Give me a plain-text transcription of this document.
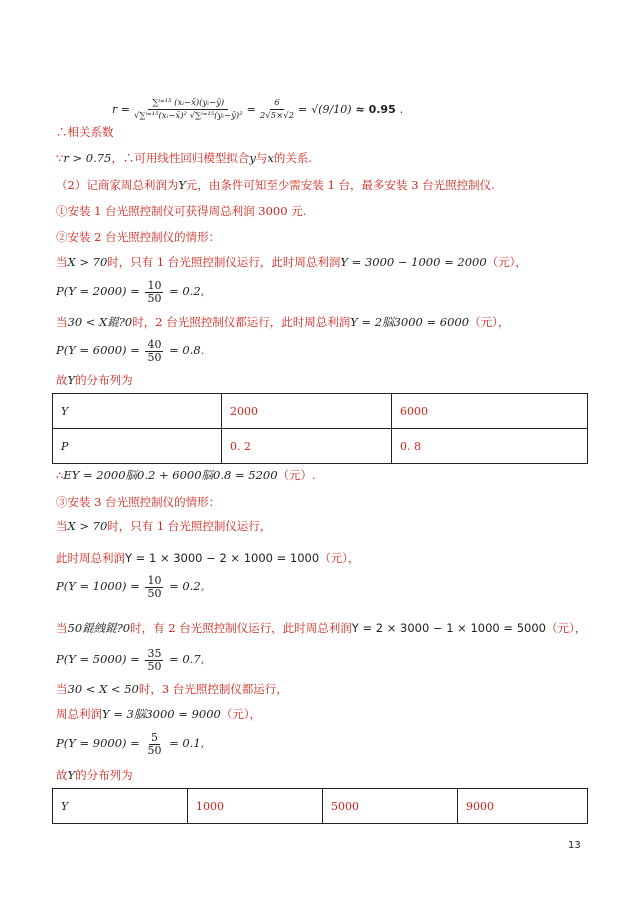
$r = \frac{\text{∑ⁱ⁼¹⁵ (xᵢ−x̄)(yᵢ−ȳ)}}{\text{√∑ⁱ⁼¹⁵(xᵢ−x̄)² √∑ⁱ⁼¹⁵(yᵢ−ȳ)²}} = \frac{6}{2√5\times√2} = √(9/10) \approx 0.95$ .
∴相关系数
∵r > 0.75，∴可用线性回归模型拟合y与x的关系.
（2）记商家周总利润为Y元，由条件可知至少需安装 1 台，最多安装 3 台光照控制仪.
①安装 1 台光照控制仪可获得周总利润 3000 元.
②安装 2 台光照控制仪的情形：
当X > 70时，只有 1 台光照控制仪运行，此时周总利润Y = 3000 − 1000 = 2000（元），
$P(Y = 2000) = \frac{10}{50} = 0.2$,
当30 < X錕?0时，2 台光照控制仪都运行，此时周总利润Y = 2脳3000 = 6000（元），
$P(Y = 6000) = \frac{40}{50} = 0.8$.
故Y的分布列为
Y	2000	6000
P	0. 2	0. 8
∴EY = 2000脳0.2 + 6000脳0.8 = 5200（元）.
③安装 3 台光照控制仪的情形：
当X > 70时，只有 1 台光照控制仪运行，
此时周总利润Y = 1 × 3000 − 2 × 1000 = 1000（元），
$P(Y = 1000) = \frac{10}{50} = 0.2$,
当50錕絏錕?0时，有 2 台光照控制仪运行，此时周总利润Y = 2 × 3000 − 1 × 1000 = 5000（元），
$P(Y = 5000) = \frac{35}{50} = 0.7$,
当30 < X < 50时，3 台光照控制仪都运行，
周总利润Y = 3脳3000 = 9000（元），
$P(Y = 9000) = \frac{5}{50} = 0.1$,
故Y的分布列为
Y	1000	5000	9000
13
